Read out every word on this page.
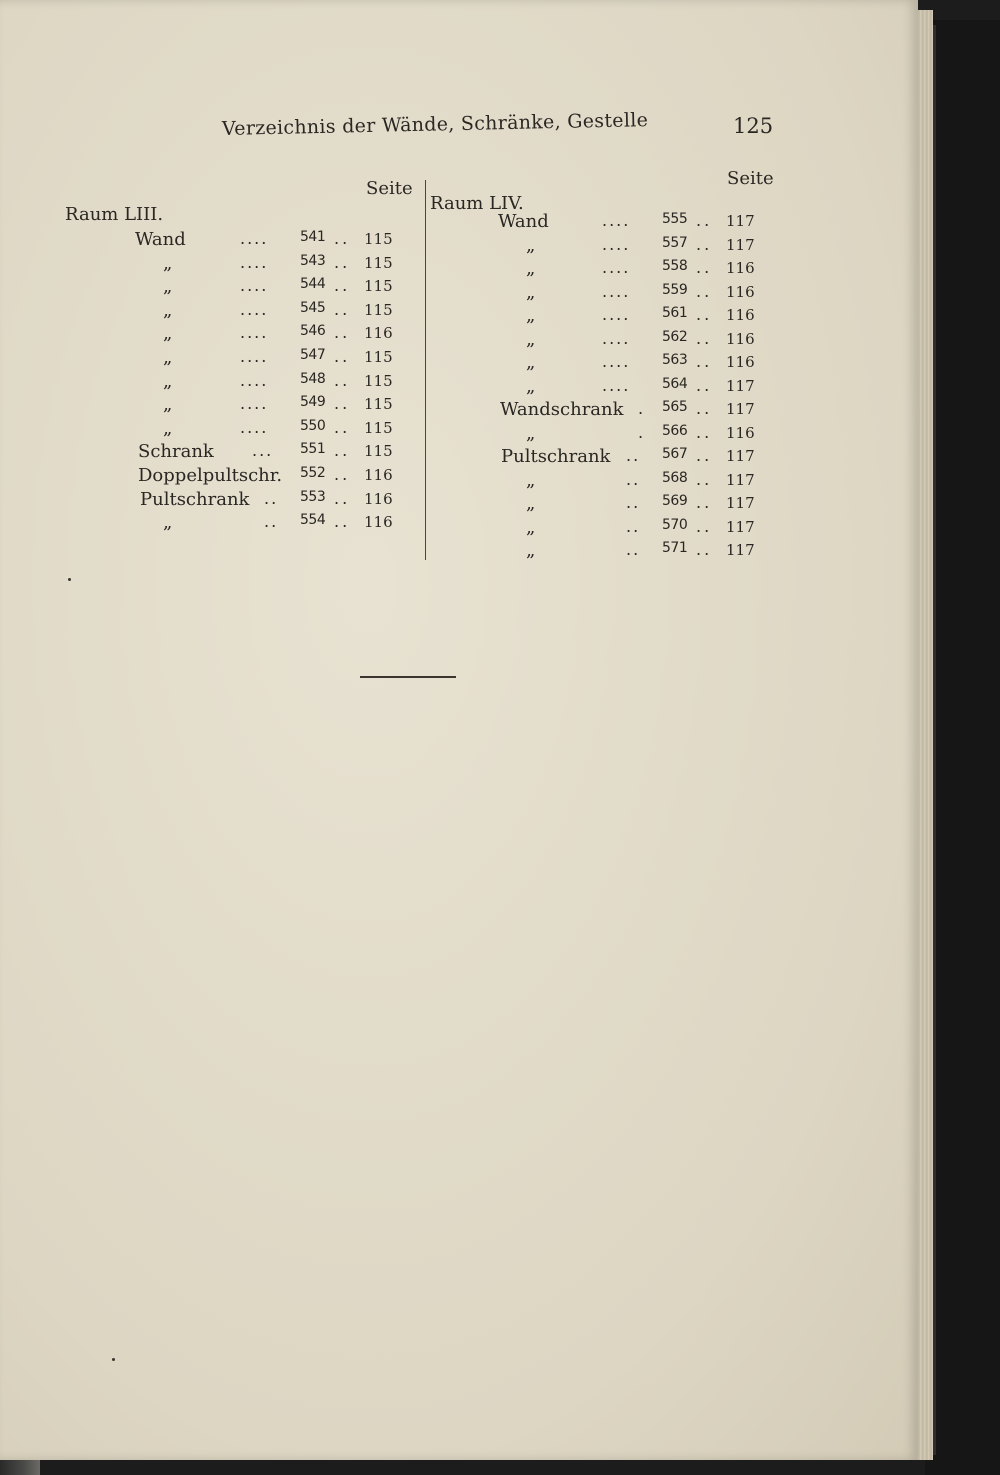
Verzeichnis der Wände, Schränke, Gestelle	125
Seite
Raum LIII.
Seite
Raum LIV.
Wand	.... 541 .. 115
„	.... 543 .. 115
„	.... 544 .. 115
„	.... 545 .. 115
„	.... 546 .. 116
„	.... 547 .. 115
„	.... 548 .. 115
„	.... 549 .. 115
„	.... 550 .. 115
Schrank ... 551 .. 115
Doppelpultschr. 552 .. 116
Pultschrank .. 553 .. 116
„	.. 554 .. 116
Wand	.... 555 .. 117
„	.... 557 .. 117
„	.... 558 .. 116
„	.... 559 .. 116
„	.... 561 .. 116
„	.... 562 .. 116
„	.... 563 .. 116
„	.... 564 .. 117
Wandschrank . 565 .. 117
„	. 566 .. 116
Pultschrank .. 567 .. 117
„	.. 568 .. 117
„	.. 569 .. 117
„	.. 570 .. 117
„	.. 571 .. 117
